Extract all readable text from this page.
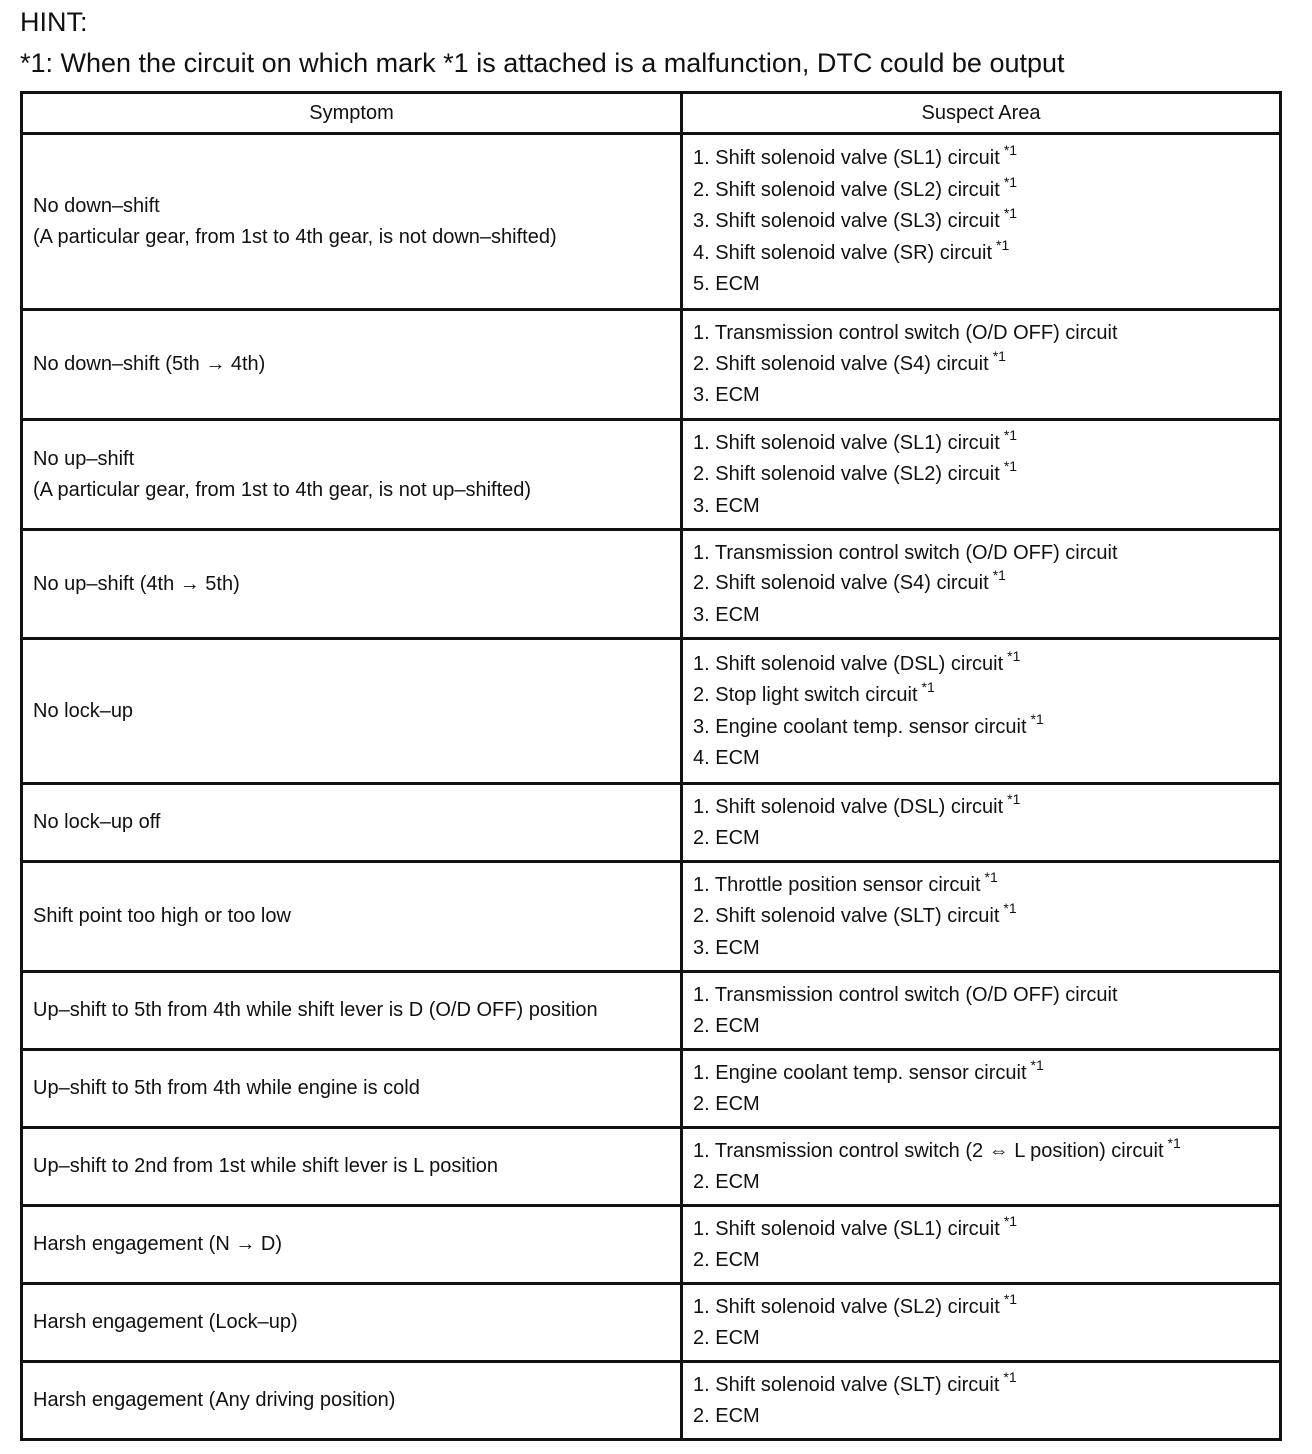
HINT:
*1: When the circuit on which mark *1 is attached is a malfunction, DTC could be output
Symptom	Suspect Area

No down–shift
(A particular gear, from 1st to 4th gear, is not down–shifted)	1. Shift solenoid valve (SL1) circuit $^{*1}$
2. Shift solenoid valve (SL2) circuit $^{*1}$
3. Shift solenoid valve (SL3) circuit $^{*1}$
4. Shift solenoid valve (SR) circuit $^{*1}$
5. ECM

No down–shift (5th → 4th)	1. Transmission control switch (O/D OFF) circuit
2. Shift solenoid valve (S4) circuit $^{*1}$
3. ECM

No up–shift
(A particular gear, from 1st to 4th gear, is not up–shifted)	1. Shift solenoid valve (SL1) circuit $^{*1}$
2. Shift solenoid valve (SL2) circuit $^{*1}$
3. ECM

No up–shift (4th → 5th)	1. Transmission control switch (O/D OFF) circuit
2. Shift solenoid valve (S4) circuit $^{*1}$
3. ECM

No lock–up	1. Shift solenoid valve (DSL) circuit $^{*1}$
2. Stop light switch circuit $^{*1}$
3. Engine coolant temp. sensor circuit $^{*1}$
4. ECM

No lock–up off	1. Shift solenoid valve (DSL) circuit $^{*1}$
2. ECM

Shift point too high or too low	1. Throttle position sensor circuit $^{*1}$
2. Shift solenoid valve (SLT) circuit $^{*1}$
3. ECM

Up–shift to 5th from 4th while shift lever is D (O/D OFF) position	1. Transmission control switch (O/D OFF) circuit
2. ECM

Up–shift to 5th from 4th while engine is cold	1. Engine coolant temp. sensor circuit $^{*1}$
2. ECM

Up–shift to 2nd from 1st while shift lever is L position	1. Transmission control switch (2 ⇔ L position) circuit $^{*1}$
2. ECM

Harsh engagement (N → D)	1. Shift solenoid valve (SL1) circuit $^{*1}$
2. ECM

Harsh engagement (Lock–up)	1. Shift solenoid valve (SL2) circuit $^{*1}$
2. ECM

Harsh engagement (Any driving position)	1. Shift solenoid valve (SLT) circuit $^{*1}$
2. ECM
